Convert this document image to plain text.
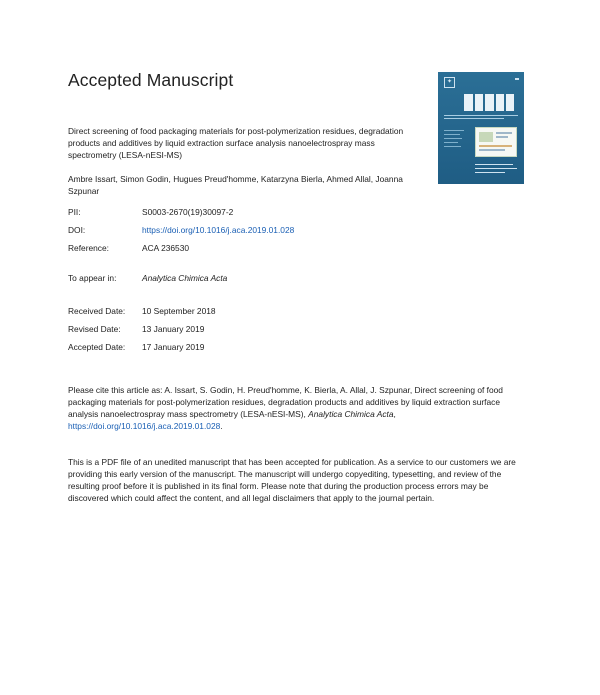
Accepted Manuscript	✦
Direct screening of food packaging materials for post-polymerization residues, degradation products and additives by liquid extraction surface analysis nanoelectrospray mass spectrometry (LESA-nESI-MS)
Ambre Issart, Simon Godin, Hugues Preud'homme, Katarzyna Bierla, Ahmed Allal, Joanna Szpunar
PII:	S0003-2670(19)30097-2
DOI:	https://doi.org/10.1016/j.aca.2019.01.028
Reference:	ACA 236530
To appear in:	Analytica Chimica Acta
Received Date: 10 September 2018
Revised Date:	13 January 2019
Accepted Date: 17 January 2019
Please cite this article as: A. Issart, S. Godin, H. Preud'homme, K. Bierla, A. Allal, J. Szpunar, Direct screening of food packaging materials for post-polymerization residues, degradation products and additives by liquid extraction surface analysis nanoelectrospray mass spectrometry (LESA-nESI-MS), Analytica Chimica Acta, https://doi.org/10.1016/j.aca.2019.01.028.
This is a PDF file of an unedited manuscript that has been accepted for publication. As a service to our customers we are providing this early version of the manuscript. The manuscript will undergo copyediting, typesetting, and review of the resulting proof before it is published in its final form. Please note that during the production process errors may be discovered which could affect the content, and all legal disclaimers that apply to the journal pertain.
